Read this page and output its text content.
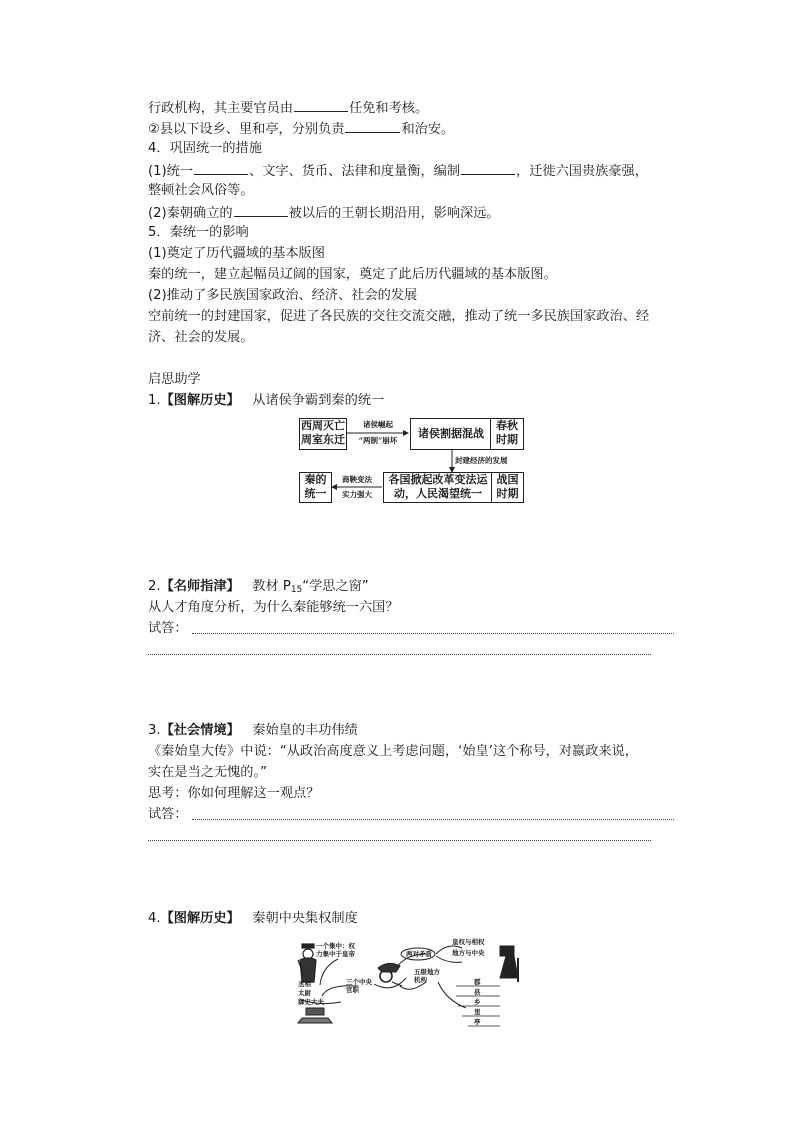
行政机构，其主要官员由	任免和考核。
②县以下设乡、里和亭，分别负责	和治安。
4．巩固统一的措施
(1)统一	、文字、货币、法律和度量衡，编制	，迁徙六国贵族豪强，
整顿社会风俗等。
(2)秦朝确立的	被以后的王朝长期沿用，影响深远。
5．秦统一的影响
(1)奠定了历代疆域的基本版图
秦的统一，建立起幅员辽阔的国家，奠定了此后历代疆域的基本版图。
(2)推动了多民族国家政治、经济、社会的发展
空前统一的封建国家，促进了各民族的交往交流交融，推动了统一多民族国家政治、经
济、社会的发展。
启思助学
1.【图解历史】 从诸侯争霸到秦的统一
西周灭亡
周室东迁
诸侯崛起
“两制”崩坏
诸侯割据混战
春秋
时期
封建经济的发展
各国掀起改革变法运
动，人民渴望统一
战国
时期
商鞅变法
实力强大
秦的
统一
2.【名师指津】 教材 $P_{15}“$学思之窗”
从人才角度分析，为什么秦能够统一六国？
试答：
3.【社会情境】 秦始皇的丰功伟绩
《秦始皇大传》中说：“从政治高度意义上考虑问题，‘始皇’这个称号，对嬴政来说，
实在是当之无愧的。”
思考：你如何理解这一观点？
试答：
4.【图解历史】 秦朝中央集权制度
一个集中：权
力集中于皇帝
丞相
太尉
御史大夫
三个中央
官职
两对矛盾
皇权与相权
地方与中央
五级地方
机构	郡
县
乡
里
亭
